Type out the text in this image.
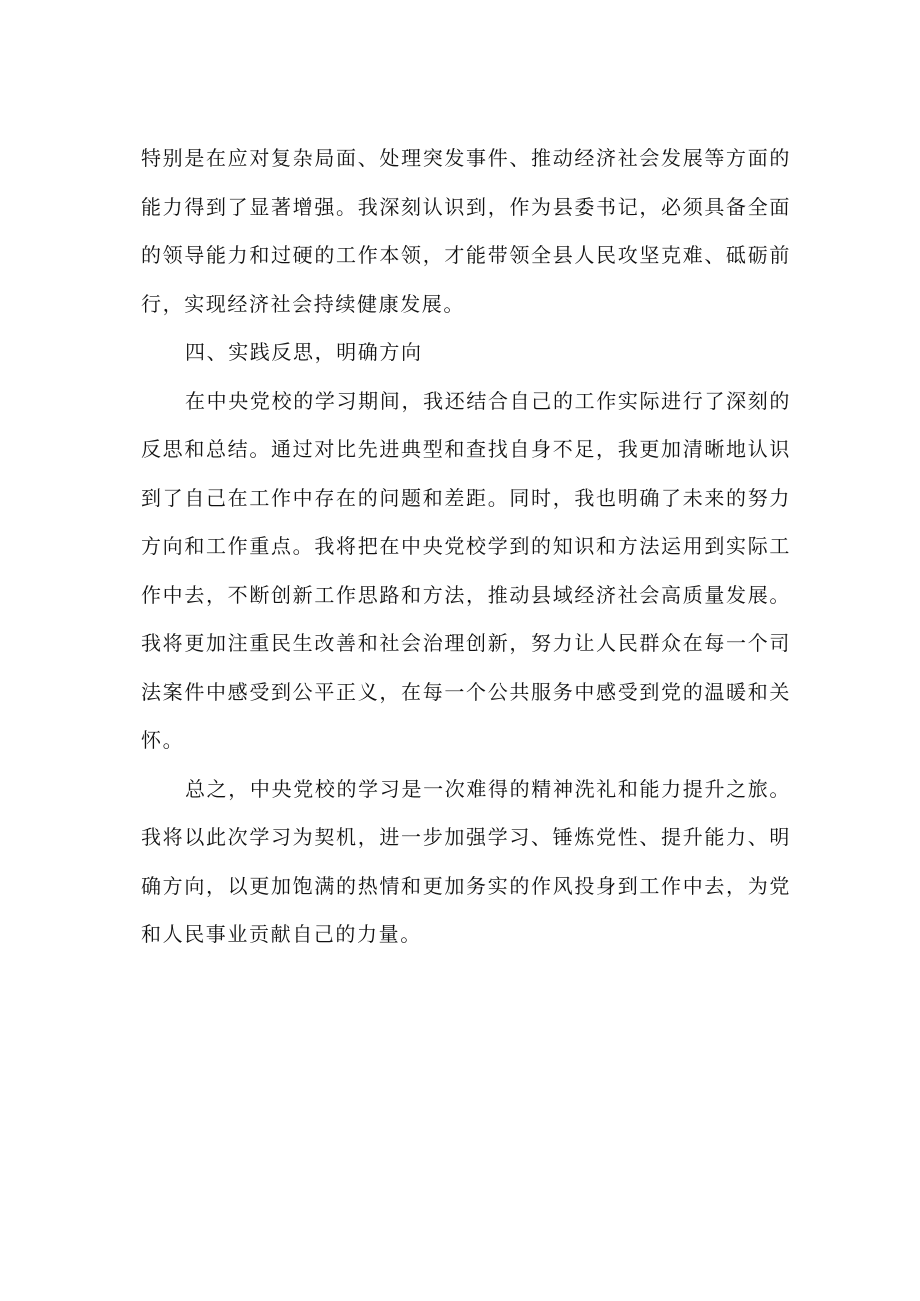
特别是在应对复杂局面、处理突发事件、推动经济社会发展等方面的
能力得到了显著增强。我深刻认识到，作为县委书记，必须具备全面
的领导能力和过硬的工作本领，才能带领全县人民攻坚克难、砥砺前
行，实现经济社会持续健康发展。
四、实践反思，明确方向
在中央党校的学习期间，我还结合自己的工作实际进行了深刻的
反思和总结。通过对比先进典型和查找自身不足，我更加清晰地认识
到了自己在工作中存在的问题和差距。同时，我也明确了未来的努力
方向和工作重点。我将把在中央党校学到的知识和方法运用到实际工
作中去，不断创新工作思路和方法，推动县域经济社会高质量发展。
我将更加注重民生改善和社会治理创新，努力让人民群众在每一个司
法案件中感受到公平正义，在每一个公共服务中感受到党的温暖和关
怀。
总之，中央党校的学习是一次难得的精神洗礼和能力提升之旅。
我将以此次学习为契机，进一步加强学习、锤炼党性、提升能力、明
确方向，以更加饱满的热情和更加务实的作风投身到工作中去，为党
和人民事业贡献自己的力量。
